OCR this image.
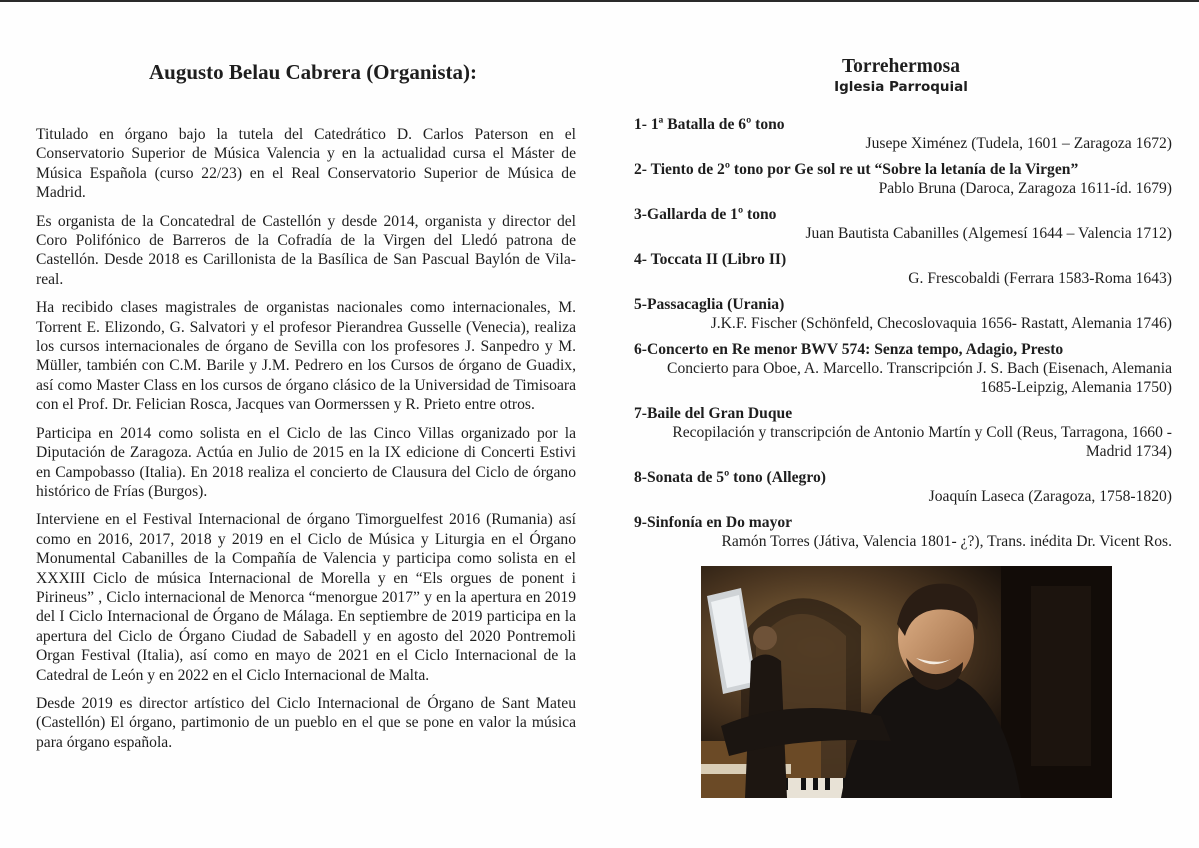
Augusto Belau Cabrera (Organista):

Titulado en órgano bajo la tutela del Catedrático D. Carlos Paterson en el Conservatorio Superior de Música Valencia y en la actualidad cursa el Máster de Música Española (curso 22/23) en el Real Conservatorio Superior de Música de Madrid.

Es organista de la Concatedral de Castellón y desde 2014, organista y director del Coro Polifónico de Barreros de la Cofradía de la Virgen del Lledó patrona de Castellón. Desde 2018 es Carillonista de la Basílica de San Pascual Baylón de Vila-real.

Ha recibido clases magistrales de organistas nacionales como internacionales, M. Torrent E. Elizondo, G. Salvatori y el profesor Pierandrea Gusselle (Venecia), realiza los cursos internacionales de órgano de Sevilla con los profesores J. Sanpedro y M. Müller, también con C.M. Barile y J.M. Pedrero en los Cursos de órgano de Guadix, así como Master Class en los cursos de órgano clásico de la Universidad de Timisoara con el Prof. Dr. Felician Rosca, Jacques van Oormerssen y R. Prieto entre otros.

Participa en 2014 como solista en el Ciclo de las Cinco Villas organizado por la Diputación de Zaragoza. Actúa en Julio de 2015 en la IX edicione di Concerti Estivi en Campobasso (Italia). En 2018 realiza el concierto de Clausura del Ciclo de órgano histórico de Frías (Burgos).

Interviene en el Festival Internacional de órgano Timorguelfest 2016 (Rumania) así como en 2016, 2017, 2018 y 2019 en el Ciclo de Música y Liturgia en el Órgano Monumental Cabanilles de la Compañía de Valencia y participa como solista en el XXXIII Ciclo de música Internacional de Morella y en “Els orgues de ponent i Pirineus” , Ciclo internacional de Menorca “menorgue 2017” y en la apertura en 2019 del I Ciclo Internacional de Órgano de Málaga. En septiembre de 2019 participa en la apertura del Ciclo de Órgano Ciudad de Sabadell y en agosto del 2020 Pontremoli Organ Festival (Italia), así como en mayo de 2021 en el Ciclo Internacional de la Catedral de León y en 2022 en el Ciclo Internacional de Malta.

Desde 2019 es director artístico del Ciclo Internacional de Órgano de Sant Mateu (Castellón) El órgano, partimonio de un pueblo en el que se pone en valor la música para órgano española.

Torrehermosa
Iglesia Parroquial
1- 1ª Batalla de 6º tono
Jusepe Ximénez (Tudela, 1601 – Zaragoza 1672)
2- Tiento de 2º tono por Ge sol re ut “Sobre la letanía de la Virgen”
Pablo Bruna (Daroca, Zaragoza 1611-íd. 1679)
3-Gallarda de 1º tono
Juan Bautista Cabanilles (Algemesí 1644 – Valencia 1712)
4- Toccata II (Libro II)
G. Frescobaldi (Ferrara 1583-Roma 1643)
5-Passacaglia (Urania)
J.K.F. Fischer (Schönfeld, Checoslovaquia 1656- Rastatt, Alemania 1746)
6-Concerto en Re menor BWV 574: Senza tempo, Adagio, Presto
Concierto para Oboe, A. Marcello. Transcripción J. S. Bach (Eisenach, Alemania 1685-Leipzig, Alemania 1750)
7-Baile del Gran Duque
Recopilación y transcripción de Antonio Martín y Coll (Reus, Tarragona, 1660 - Madrid 1734)
8-Sonata de 5º tono (Allegro)
Joaquín Laseca (Zaragoza, 1758-1820)
9-Sinfonía en Do mayor
Ramón Torres (Játiva, Valencia 1801- ¿?), Trans. inédita Dr. Vicent Ros.
